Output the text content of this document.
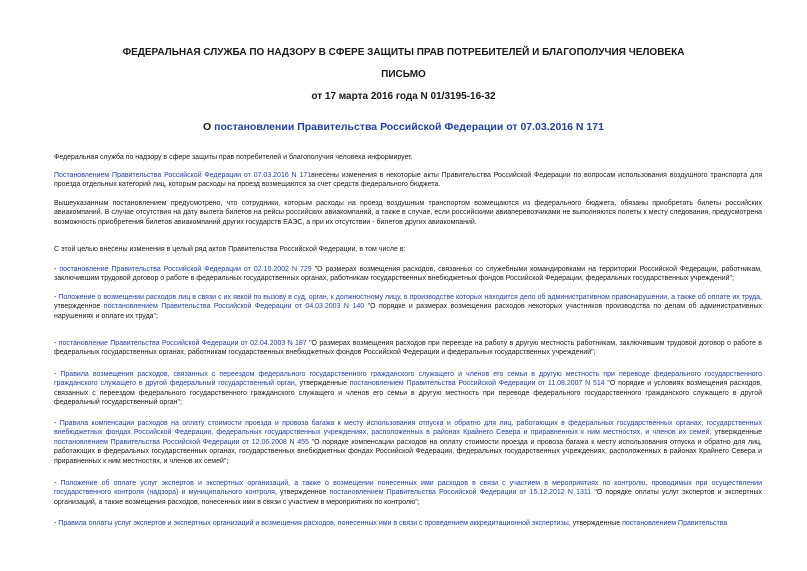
ФЕДЕРАЛЬНАЯ СЛУЖБА ПО НАДЗОРУ В СФЕРЕ ЗАЩИТЫ ПРАВ ПОТРЕБИТЕЛЕЙ И БЛАГОПОЛУЧИЯ ЧЕЛОВЕКА
ПИСЬМО
от 17 марта 2016 года N 01/3195-16-32
О постановлении Правительства Российской Федерации от 07.03.2016 N 171
Федеральная служба по надзору в сфере защиты прав потребителей и благополучия человека информирует.
Постановлением Правительства Российской Федерации от 07.03.2016 N 171внесены изменения в некоторые акты Правительства Российской Федерации по вопросам использования воздушного транспорта для проезда отдельных категорий лиц, которым расходы на проезд возмещаются за счет средств федерального бюджета.
Вышеуказанным постановлением предусмотрено, что сотрудники, которым расходы на проезд воздушным транспортом возмещаются из федерального бюджета, обязаны приобретать билеты российских авиакомпаний. В случае отсутствия на дату вылета билетов на рейсы российских авиакомпаний, а также в случае, если российскими авиаперевозчиками не выполняются полеты к месту следования, предусмотрена возможность приобретения билетов авиакомпаний других государств ЕАЭС, а при их отсутствии - билетов других авиакомпаний.
С этой целью внесены изменения в целый ряд актов Правительства Российской Федерации, в том числе в:
- постановление Правительства Российской Федерации от 02.10.2002 N 729 "О размерах возмещения расходов, связанных со служебными командировками на территории Российской Федерации, работникам, заключившим трудовой договор о работе в федеральных государственных органах, работникам государственных внебюджетных фондов Российской Федерации, федеральных государственных учреждений";
- Положение о возмещении расходов лиц в связи с их явкой по вызову в суд, орган, к должностному лицу, в производстве которых находится дело об административном правонарушении, а также об оплате их труда, утвержденное постановлением Правительства Российской Федерации от 04.03.2003 N 140 "О порядке и размерах возмещения расходов некоторых участников производства по делам об административных нарушениях и оплате их труда";
- постановление Правительства Российской Федерации от 02.04.2003 N 187 "О размерах возмещения расходов при переезде на работу в другую местность работникам, заключившим трудовой договор о работе в федеральных государственных органах, работникам государственных внебюджетных фондов Российской Федерации и федеральных государственных учреждений";
- Правила возмещения расходов, связанных с переездом федерального государственного гражданского служащего и членов его семьи в другую местность при переводе федерального государственного гражданского служащего в другой федеральный государственный орган, утвержденные постановлением Правительства Российской Федерации от 11.08.2007 N 514 "О порядке и условиях возмещения расходов, связанных с переездом федерального государственного гражданского служащего и членов его семьи в другую местность при переводе федерального государственного гражданского служащего в другой федеральный государственный орган";
- Правила компенсации расходов на оплату стоимости проезда и провоза багажа к месту использования отпуска и обратно для лиц, работающих в федеральных государственных органах, государственных внебюджетных фондах Российской Федерации, федеральных государственных учреждениях, расположенных в районах Крайнего Севера и приравненных к ним местностях, и членов их семей, утвержденные постановлением Правительства Российской Федерации от 12.06.2008 N 455 "О порядке компенсации расходов на оплату стоимости проезда и провоза багажа к месту использования отпуска и обратно для лиц, работающих в федеральных государственных органах, государственных внебюджетных фондах Российской Федерации, федеральных государственных учреждениях, расположенных в районах Крайнего Севера и приравненных к ним местностях, и членов их семей";
- Положение об оплате услуг экспертов и экспертных организаций, а также о возмещении понесенных ими расходов в связи с участием в мероприятиях по контролю, проводимых при осуществлении государственного контроля (надзора) и муниципального контроля, утвержденное постановлением Правительства Российской Федерации от 15.12.2012 N 1311 "О порядке оплаты услуг экспертов и экспертных организаций, а также возмещения расходов, понесенных ими в связи с участием в мероприятиях по контролю";
- Правила оплаты услуг экспертов и экспертных организаций и возмещения расходов, понесенных ими в связи с проведением аккредитационной экспертизы, утвержденные постановлением Правительства
